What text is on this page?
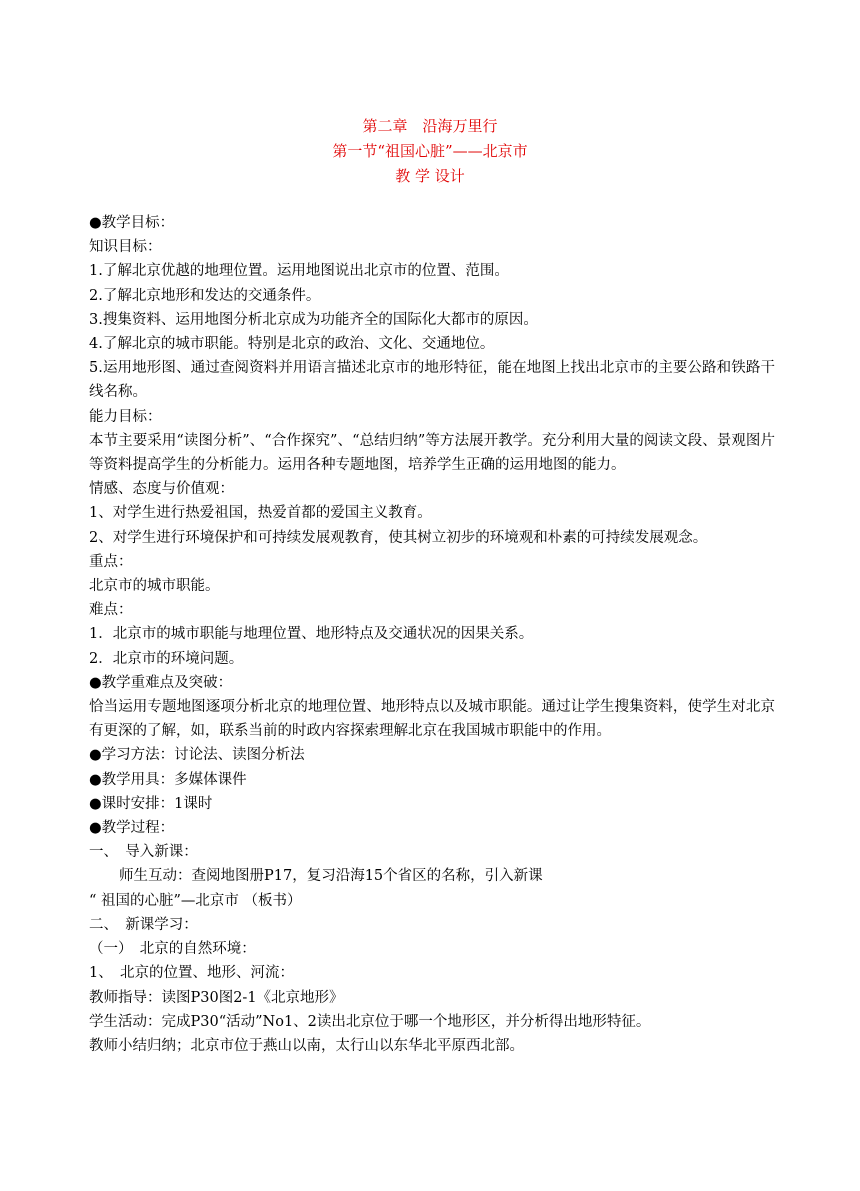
第二章　沿海万里行
第一节“祖国心脏”——北京市
教 学 设计
●教学目标：
知识目标：
1.了解北京优越的地理位置。运用地图说出北京市的位置、范围。
2.了解北京地形和发达的交通条件。
3.搜集资料、运用地图分析北京成为功能齐全的国际化大都市的原因。
4.了解北京的城市职能。特别是北京的政治、文化、交通地位。
5.运用地形图、通过查阅资料并用语言描述北京市的地形特征，能在地图上找出北京市的主要公路和铁路干线名称。
能力目标：
本节主要采用“读图分析”、“合作探究”、“总结归纳”等方法展开教学。充分利用大量的阅读文段、景观图片等资料提高学生的分析能力。运用各种专题地图，培养学生正确的运用地图的能力。
情感、态度与价值观：
1、对学生进行热爱祖国，热爱首都的爱国主义教育。
2、对学生进行环境保护和可持续发展观教育，使其树立初步的环境观和朴素的可持续发展观念。
重点：
北京市的城市职能。
难点：
1．北京市的城市职能与地理位置、地形特点及交通状况的因果关系。
2．北京市的环境问题。
●教学重难点及突破：
恰当运用专题地图逐项分析北京的地理位置、地形特点以及城市职能。通过让学生搜集资料，使学生对北京有更深的了解，如，联系当前的时政内容探索理解北京在我国城市职能中的作用。
●学习方法：讨论法、读图分析法
●教学用具：多媒体课件
●课时安排：1课时
●教学过程：
一、　导入新课：
师生互动：查阅地图册P17，复习沿海15个省区的名称，引入新课
“ 祖国的心脏”—北京市 （板书）
二、　新课学习：
（一）　北京的自然环境：
1、　北京的位置、地形、河流：
教师指导：读图P30图2-1《北京地形》
学生活动：完成P30“活动”No1、2读出北京位于哪一个地形区，并分析得出地形特征。
教师小结归纳；北京市位于燕山以南，太行山以东华北平原西北部。
